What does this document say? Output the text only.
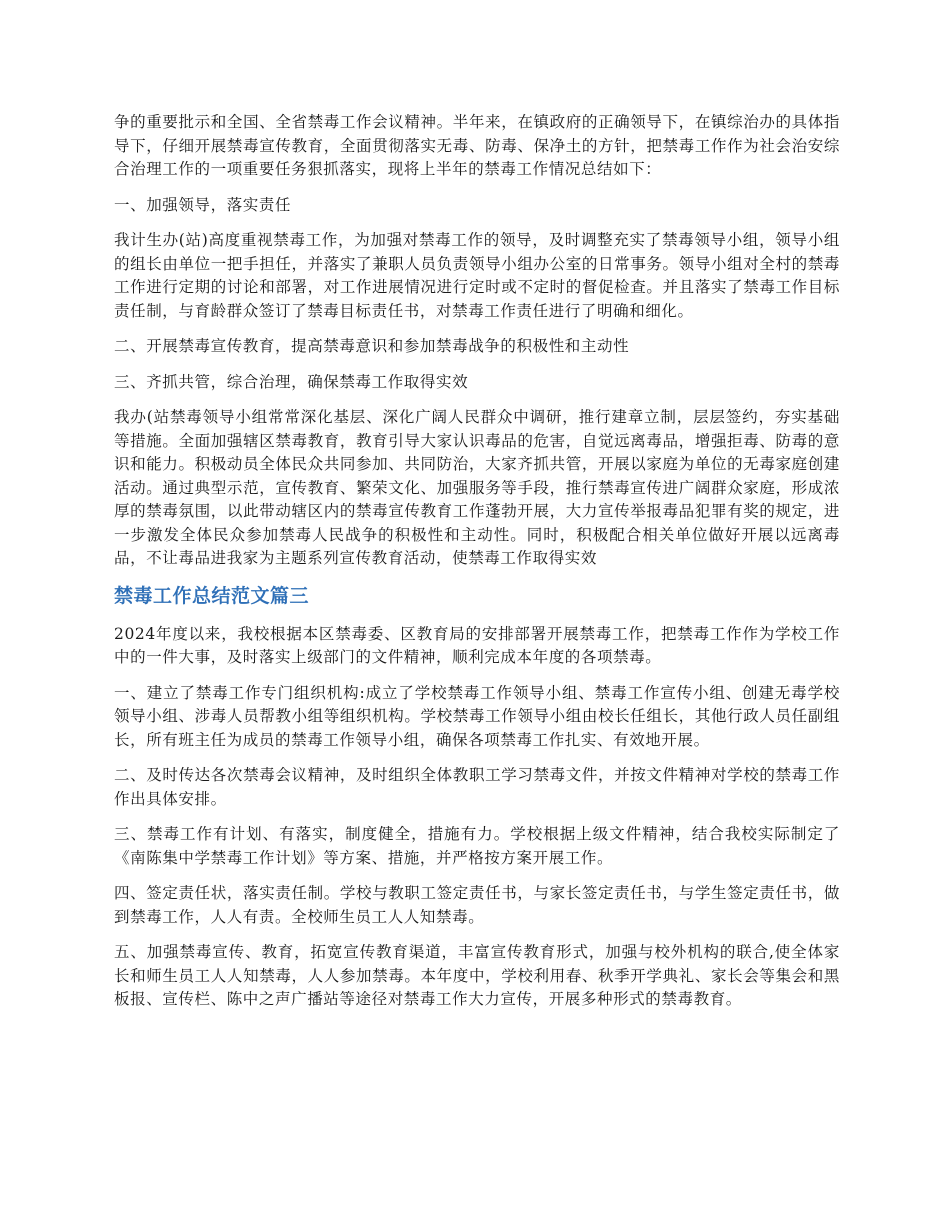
争的重要批示和全国、全省禁毒工作会议精神。半年来，在镇政府的正确领导下，在镇综治办的具体指导下，仔细开展禁毒宣传教育，全面贯彻落实无毒、防毒、保净土的方针，把禁毒工作作为社会治安综合治理工作的一项重要任务狠抓落实，现将上半年的禁毒工作情况总结如下：

一、加强领导，落实责任

我计生办(站)高度重视禁毒工作，为加强对禁毒工作的领导，及时调整充实了禁毒领导小组，领导小组的组长由单位一把手担任，并落实了兼职人员负责领导小组办公室的日常事务。领导小组对全村的禁毒工作进行定期的讨论和部署，对工作进展情况进行定时或不定时的督促检查。并且落实了禁毒工作目标责任制，与育龄群众签订了禁毒目标责任书，对禁毒工作责任进行了明确和细化。

二、开展禁毒宣传教育，提高禁毒意识和参加禁毒战争的积极性和主动性

三、齐抓共管，综合治理，确保禁毒工作取得实效

我办(站禁毒领导小组常常深化基层、深化广阔人民群众中调研，推行建章立制，层层签约，夯实基础等措施。全面加强辖区禁毒教育，教育引导大家认识毒品的危害，自觉远离毒品，增强拒毒、防毒的意识和能力。积极动员全体民众共同参加、共同防治，大家齐抓共管，开展以家庭为单位的无毒家庭创建活动。通过典型示范，宣传教育、繁荣文化、加强服务等手段，推行禁毒宣传进广阔群众家庭，形成浓厚的禁毒氛围，以此带动辖区内的禁毒宣传教育工作蓬勃开展，大力宣传举报毒品犯罪有奖的规定，进一步激发全体民众参加禁毒人民战争的积极性和主动性。同时，积极配合相关单位做好开展以远离毒品，不让毒品进我家为主题系列宣传教育活动，使禁毒工作取得实效

禁毒工作总结范文篇三

2024年度以来，我校根据本区禁毒委、区教育局的安排部署开展禁毒工作，把禁毒工作作为学校工作中的一件大事，及时落实上级部门的文件精神，顺利完成本年度的各项禁毒。

一、建立了禁毒工作专门组织机构:成立了学校禁毒工作领导小组、禁毒工作宣传小组、创建无毒学校领导小组、涉毒人员帮教小组等组织机构。学校禁毒工作领导小组由校长任组长，其他行政人员任副组长，所有班主任为成员的禁毒工作领导小组，确保各项禁毒工作扎实、有效地开展。

二、及时传达各次禁毒会议精神，及时组织全体教职工学习禁毒文件，并按文件精神对学校的禁毒工作作出具体安排。

三、禁毒工作有计划、有落实，制度健全，措施有力。学校根据上级文件精神，结合我校实际制定了《南陈集中学禁毒工作计划》等方案、措施，并严格按方案开展工作。

四、签定责任状，落实责任制。学校与教职工签定责任书，与家长签定责任书，与学生签定责任书，做到禁毒工作，人人有责。全校师生员工人人知禁毒。

五、加强禁毒宣传、教育，拓宽宣传教育渠道，丰富宣传教育形式，加强与校外机构的联合,使全体家长和师生员工人人知禁毒，人人参加禁毒。本年度中，学校利用春、秋季开学典礼、家长会等集会和黑板报、宣传栏、陈中之声广播站等途径对禁毒工作大力宣传，开展多种形式的禁毒教育。
